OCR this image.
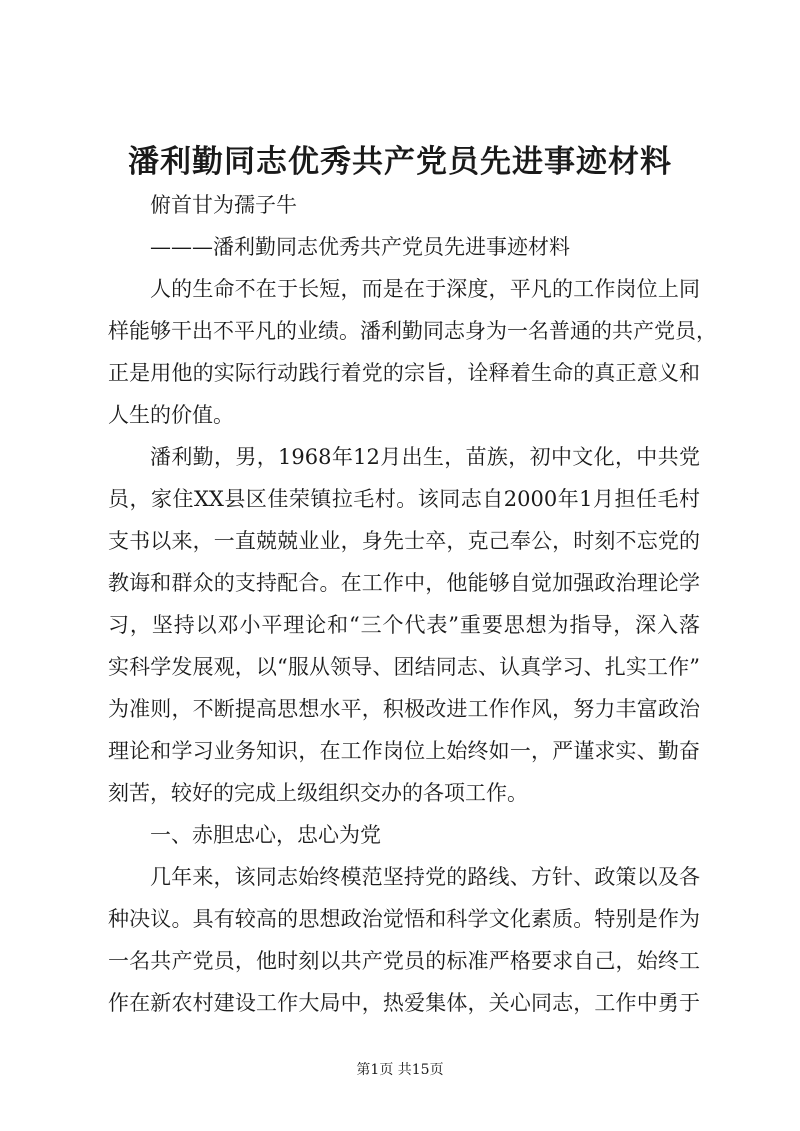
潘利勤同志优秀共产党员先进事迹材料
俯首甘为孺子牛
———潘利勤同志优秀共产党员先进事迹材料
人的生命不在于长短，而是在于深度，平凡的工作岗位上同
样能够干出不平凡的业绩。潘利勤同志身为一名普通的共产党员，
正是用他的实际行动践行着党的宗旨，诠释着生命的真正意义和
人生的价值。
潘利勤，男，1968年12月出生，苗族，初中文化，中共党
员，家住XX县区佳荣镇拉毛村。该同志自2000年1月担任毛村
支书以来，一直兢兢业业，身先士卒，克己奉公，时刻不忘党的
教诲和群众的支持配合。在工作中，他能够自觉加强政治理论学
习，坚持以邓小平理论和“三个代表”重要思想为指导，深入落
实科学发展观，以“服从领导、团结同志、认真学习、扎实工作”
为准则，不断提高思想水平，积极改进工作作风，努力丰富政治
理论和学习业务知识，在工作岗位上始终如一，严谨求实、勤奋
刻苦，较好的完成上级组织交办的各项工作。
一、赤胆忠心，忠心为党
几年来，该同志始终模范坚持党的路线、方针、政策以及各
种决议。具有较高的思想政治觉悟和科学文化素质。特别是作为
一名共产党员，他时刻以共产党员的标准严格要求自己，始终工
作在新农村建设工作大局中，热爱集体，关心同志，工作中勇于
第1页 共15页
